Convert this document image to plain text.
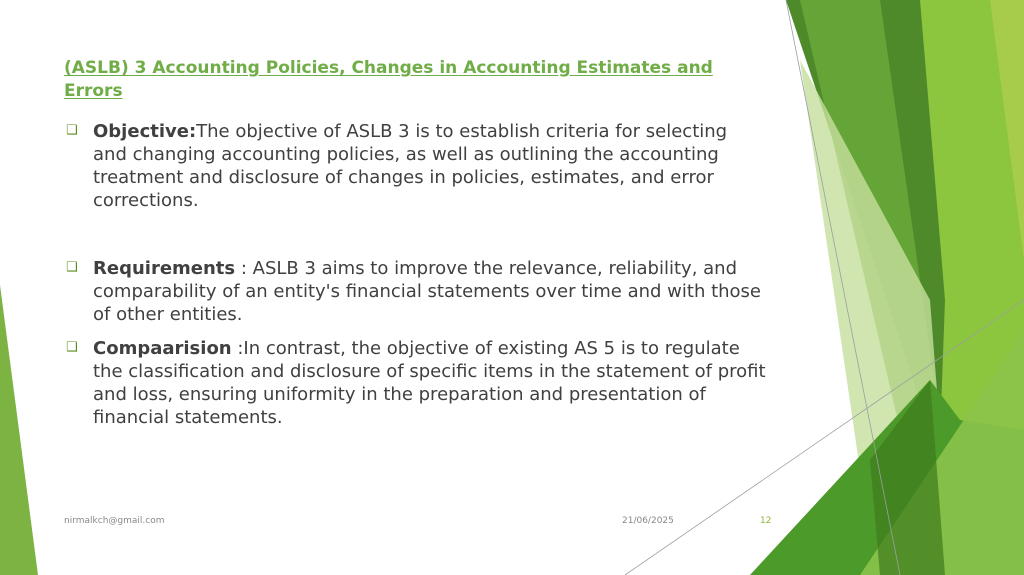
(ASLB) 3 Accounting Policies, Changes in Accounting Estimates and Errors
❑ Objective:The objective of ASLB 3 is to establish criteria for selecting and changing accounting policies, as well as outlining the accounting treatment and disclosure of changes in policies, estimates, and error corrections.
❑ Requirements : ASLB 3 aims to improve the relevance, reliability, and comparability of an entity's financial statements over time and with those of other entities.
❑ Compaarision :In contrast, the objective of existing AS 5 is to regulate the classification and disclosure of specific items in the statement of profit and loss, ensuring uniformity in the preparation and presentation of financial statements.
nirmalkch@gmail.com	21/06/2025	12
